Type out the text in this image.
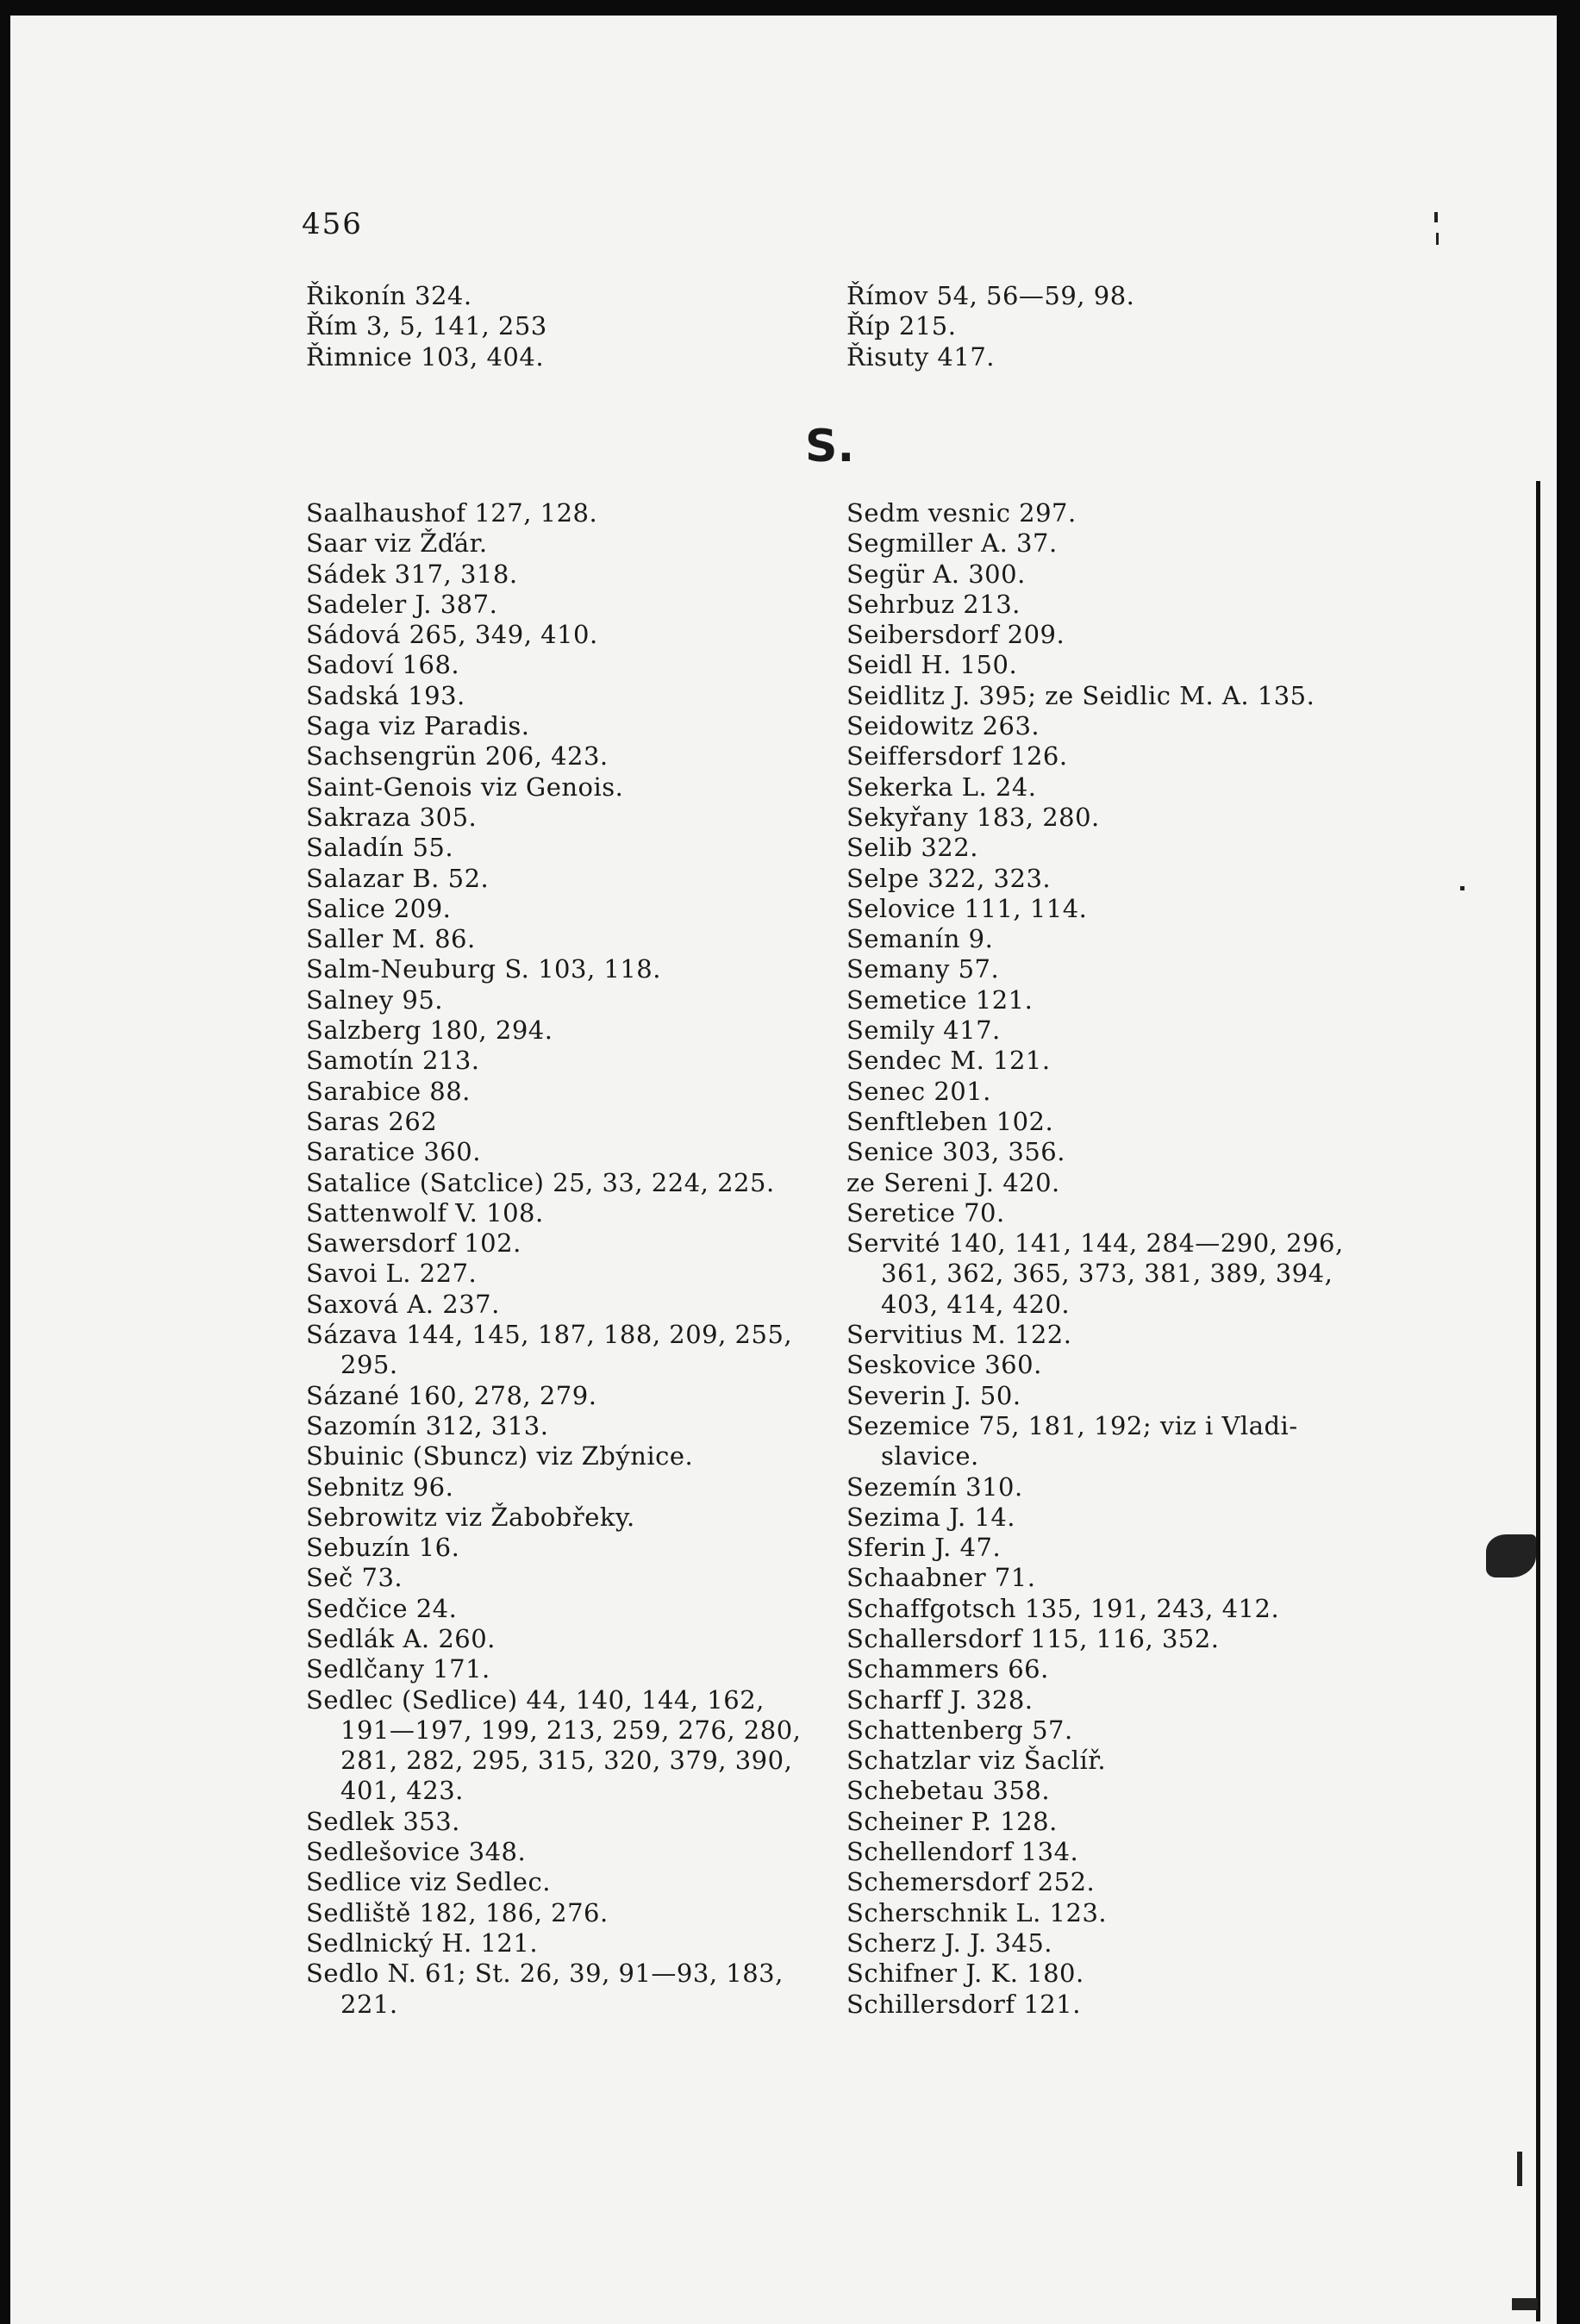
456
Řikonín 324.
Řím 3, 5, 141, 253
Řimnice 103, 404.
Římov 54, 56—59, 98.
Říp 215.
Řisuty 417.
S.
Saalhaushof 127, 128.
Saar viz Žďár.
Sádek 317, 318.
Sadeler J. 387.
Sádová 265, 349, 410.
Sadoví 168.
Sadská 193.
Saga viz Paradis.
Sachsengrün 206, 423.
Saint-Genois viz Genois.
Sakraza 305.
Saladín 55.
Salazar B. 52.
Salice 209.
Saller M. 86.
Salm-Neuburg S. 103, 118.
Salney 95.
Salzberg 180, 294.
Samotín 213.
Sarabice 88.
Saras 262
Saratice 360.
Satalice (Satclice) 25, 33, 224, 225.
Sattenwolf V. 108.
Sawersdorf 102.
Savoi L. 227.
Saxová A. 237.
Sázava 144, 145, 187, 188, 209, 255,
295.
Sázané 160, 278, 279.
Sazomín 312, 313.
Sbuinic (Sbuncz) viz Zbýnice.
Sebnitz 96.
Sebrowitz viz Žabobřeky.
Sebuzín 16.
Seč 73.
Sedčice 24.
Sedlák A. 260.
Sedlčany 171.
Sedlec (Sedlice) 44, 140, 144, 162,
191—197, 199, 213, 259, 276, 280,
281, 282, 295, 315, 320, 379, 390,
401, 423.
Sedlek 353.
Sedlešovice 348.
Sedlice viz Sedlec.
Sedliště 182, 186, 276.
Sedlnický H. 121.
Sedlo N. 61; St. 26, 39, 91—93, 183,
221.
Sedm vesnic 297.
Segmiller A. 37.
Segür A. 300.
Sehrbuz 213.
Seibersdorf 209.
Seidl H. 150.
Seidlitz J. 395; ze Seidlic M. A. 135.
Seidowitz 263.
Seiffersdorf 126.
Sekerka L. 24.
Sekyřany 183, 280.
Selib 322.
Selpe 322, 323.
Selovice 111, 114.
Semanín 9.
Semany 57.
Semetice 121.
Semily 417.
Sendec M. 121.
Senec 201.
Senftleben 102.
Senice 303, 356.
ze Sereni J. 420.
Seretice 70.
Servité 140, 141, 144, 284—290, 296,
361, 362, 365, 373, 381, 389, 394,
403, 414, 420.
Servitius M. 122.
Seskovice 360.
Severin J. 50.
Sezemice 75, 181, 192; viz i Vladi-
slavice.
Sezemín 310.
Sezima J. 14.
Sferin J. 47.
Schaabner 71.
Schaffgotsch 135, 191, 243, 412.
Schallersdorf 115, 116, 352.
Schammers 66.
Scharff J. 328.
Schattenberg 57.
Schatzlar viz Šaclíř.
Schebetau 358.
Scheiner P. 128.
Schellendorf 134.
Schemersdorf 252.
Scherschnik L. 123.
Scherz J. J. 345.
Schifner J. K. 180.
Schillersdorf 121.
